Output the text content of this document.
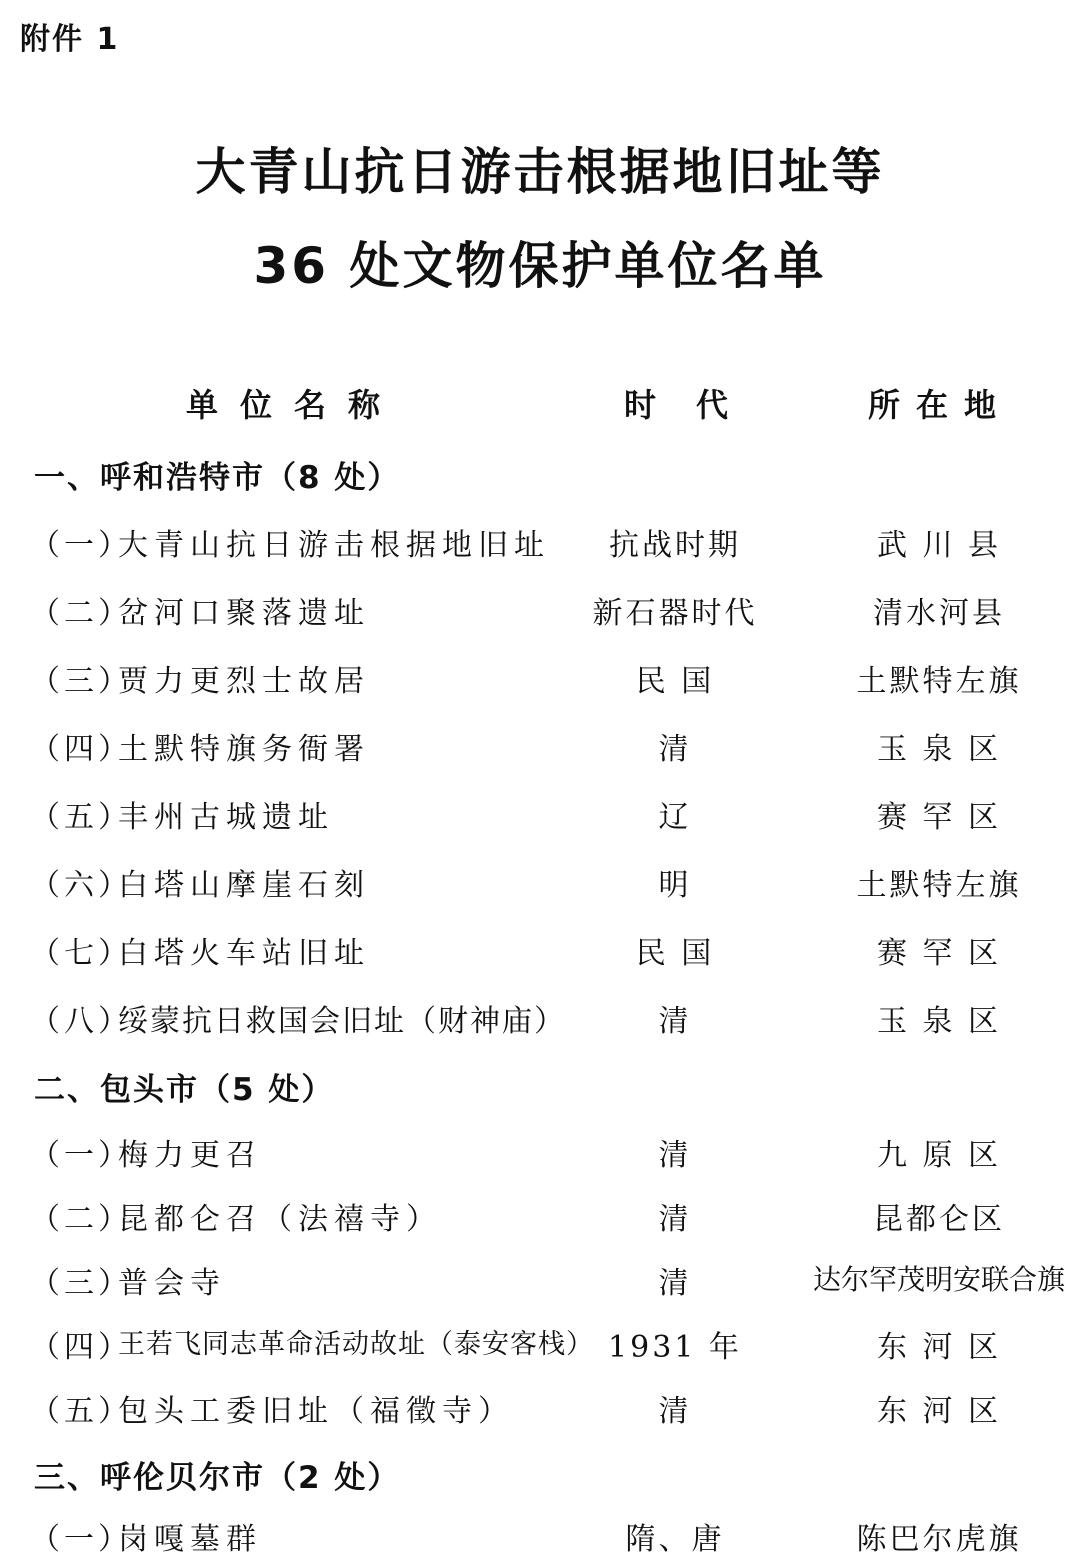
附件 1
大青山抗日游击根据地旧址等
36 处文物保护单位名单
单位名称	时代	所在地
一、呼和浩特市（8 处）
（一）
大青山抗日游击根据地旧址	抗战时期	武 川 县
（二）
岔河口聚落遗址	新石器时代	清水河县
（三）
贾力更烈士故居	民 国	土默特左旗
（四）
土默特旗务衙署	清	玉 泉 区
（五）
丰州古城遗址	辽	赛 罕 区
（六）
白塔山摩崖石刻	明	土默特左旗
（七）
白塔火车站旧址	民 国	赛 罕 区
（八）
绥蒙抗日救国会旧址（财神庙）	清	玉 泉 区
二、包头市（5 处）
（一）
梅力更召	清	九 原 区
（二）
昆都仑召（法禧寺）	清	昆都仑区
（三）
普会寺	清	达尔罕茂明安联合旗
（四）
王若飞同志革命活动故址（泰安客栈） 1931 年	东 河 区
（五）
包头工委旧址（福徵寺）	清	东 河 区
三、呼伦贝尔市（2 处）
（一）
岗嘎墓群	隋、唐	陈巴尔虎旗
